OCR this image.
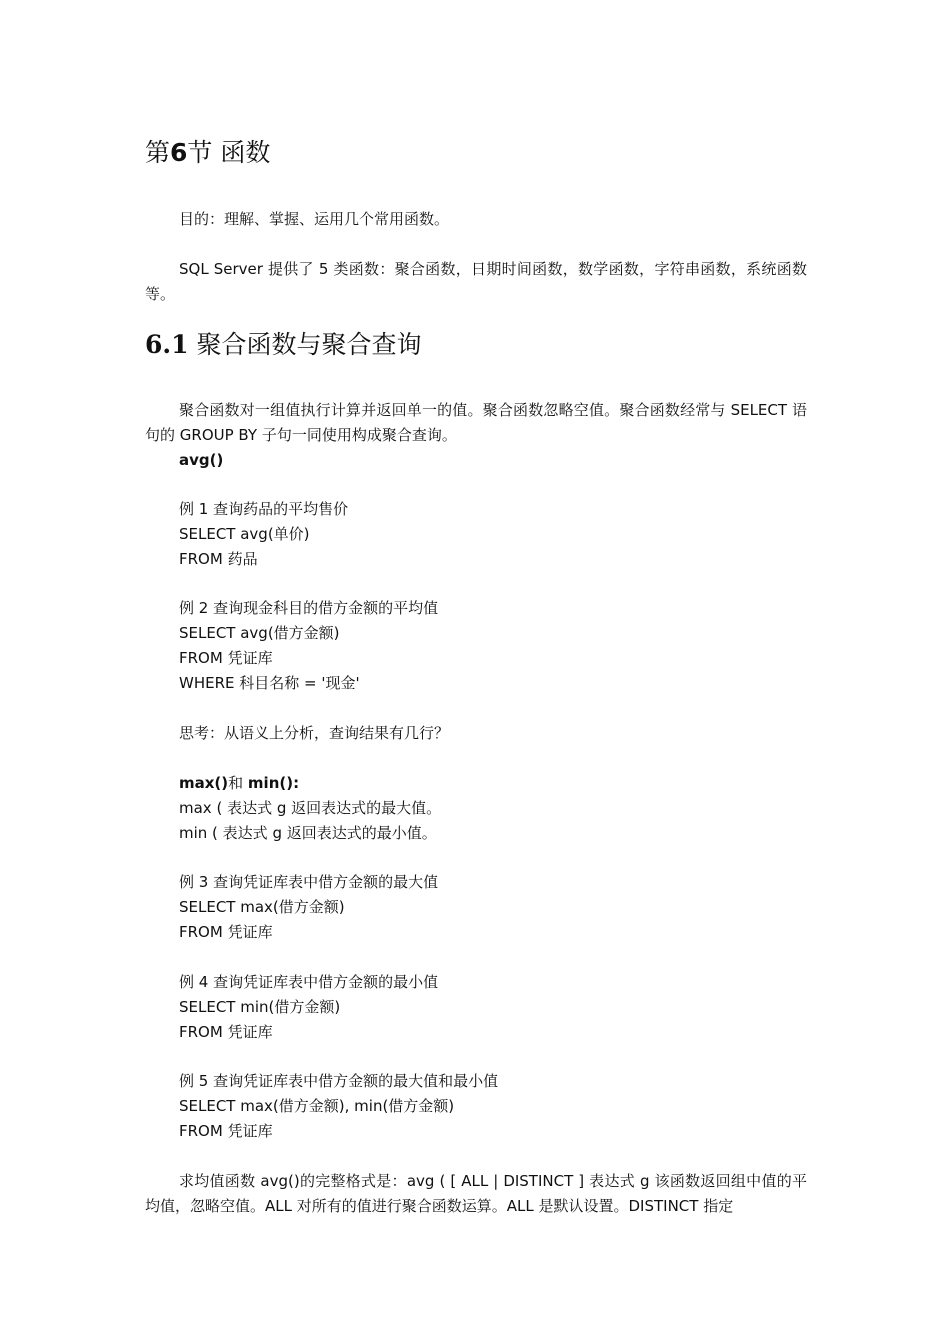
第6节 函数
目的：理解、掌握、运用几个常用函数。
SQL Server 提供了 5 类函数：聚合函数，日期时间函数，数学函数，字符串函数，系统函数等。
6.1 聚合函数与聚合查询
聚合函数对一组值执行计算并返回单一的值。聚合函数忽略空值。聚合函数经常与 SELECT 语句的 GROUP BY 子句一同使用构成聚合查询。
avg()
例 1 查询药品的平均售价
SELECT avg(单价)
FROM 药品
例 2 查询现金科目的借方金额的平均值
SELECT avg(借方金额)
FROM 凭证库
WHERE 科目名称 = '现金'
思考：从语义上分析，查询结果有几行？
max()和 min():
max ( 表达式 g 返回表达式的最大值。
min ( 表达式 g 返回表达式的最小值。
例 3 查询凭证库表中借方金额的最大值
SELECT max(借方金额)
FROM 凭证库
例 4 查询凭证库表中借方金额的最小值
SELECT min(借方金额)
FROM 凭证库
例 5 查询凭证库表中借方金额的最大值和最小值
SELECT max(借方金额), min(借方金额)
FROM 凭证库
求均值函数 avg()的完整格式是：avg ( [ ALL | DISTINCT ] 表达式 g 该函数返回组中值的平均值，忽略空值。ALL 对所有的值进行聚合函数运算。ALL 是默认设置。DISTINCT 指定
